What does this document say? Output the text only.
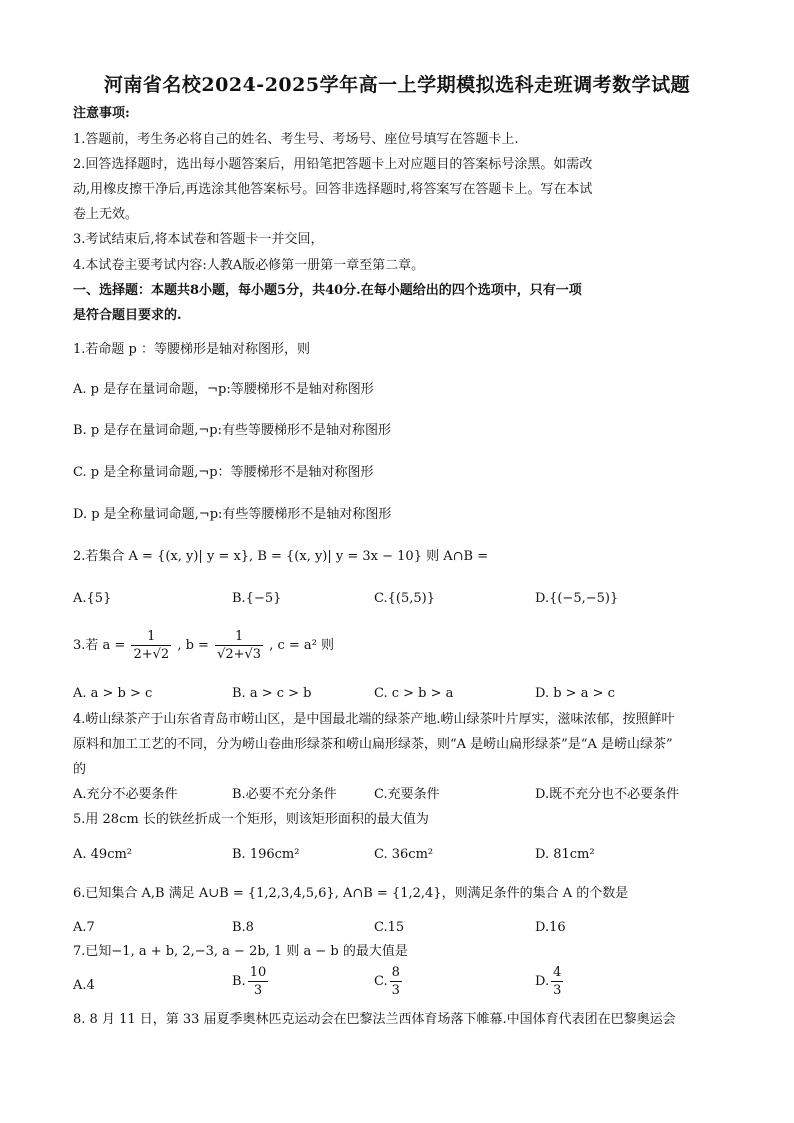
河南省名校2024-2025学年高一上学期模拟选科走班调考数学试题
注意事项:
1.答题前，考生务必将自己的姓名、考生号、考场号、座位号填写在答题卡上.
2.回答选择题时，选出每小题答案后，用铅笔把答题卡上对应题目的答案标号涂黑。如需改
动,用橡皮擦干净后,再选涂其他答案标号。回答非选择题时,将答案写在答题卡上。写在本试
卷上无效。
3.考试结束后,将本试卷和答题卡一并交回，
4.本试卷主要考试内容:人教A版必修第一册第一章至第二章。
一、选择题：本题共8小题，每小题5分，共40分.在每小题给出的四个选项中，只有一项
是符合题目要求的.
1.若命题 p ：等腰梯形是轴对称图形，则
A. p 是存在量词命题，¬p:等腰梯形不是轴对称图形
B. p 是存在量词命题,¬p:有些等腰梯形不是轴对称图形
C. p 是全称量词命题,¬p：等腰梯形不是轴对称图形
D. p 是全称量词命题,¬p:有些等腰梯形不是轴对称图形
2.若集合 A = {(x, y)| y = x}, B = {(x, y)| y = 3x − 10} 则 A∩B =
A.{5}	B.{−5}	C.{(5,5)}	D.{(−5,−5)}
3.若 $a = \frac{1}{2+√2}$ , $b = \frac{1}{√2+√3}$ , c = a² 则
A. a > b > c	B. a > c > b	C. c > b > a	D. b > a > c
4.崂山绿茶产于山东省青岛市崂山区，是中国最北端的绿茶产地.崂山绿茶叶片厚实，滋味浓郁，按照鲜叶
原料和加工工艺的不同，分为崂山卷曲形绿茶和崂山扁形绿茶，则“A 是崂山扁形绿茶”是“A 是崂山绿茶”
的
A.充分不必要条件	B.必要不充分条件	C.充要条件	D.既不充分也不必要条件
5.用 28cm 长的铁丝折成一个矩形，则该矩形面积的最大值为
A. 49cm²	B. 196cm²	C. 36cm²	D. 81cm²
6.已知集合 A,B 满足 A∪B = {1,2,3,4,5,6}, A∩B = {1,2,4}，则满足条件的集合 A 的个数是
A.7	B.8	C.15	D.16
7.已知−1, a + b, 2,−3, a − 2b, 1 则 a − b 的最大值是
A.4	B. $\frac{10}{3}$	C. $\frac{8}{3}$	D. $\frac{4}{3}$
8. 8 月 11 日，第 33 届夏季奥林匹克运动会在巴黎法兰西体育场落下帷幕.中国体育代表团在巴黎奥运会
